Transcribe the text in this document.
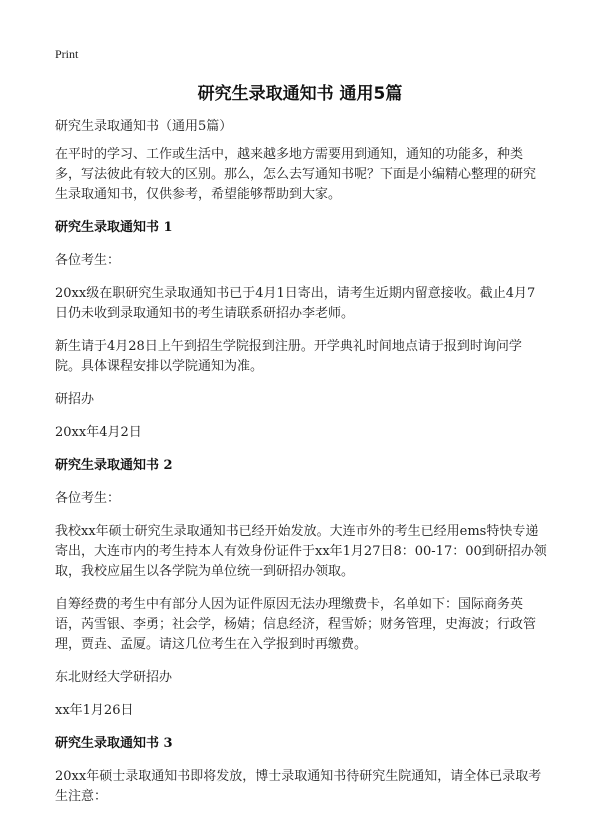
Print
研究生录取通知书 通用5篇

研究生录取通知书（通用5篇）

在平时的学习、工作或生活中，越来越多地方需要用到通知，通知的功能多，种类多，写法彼此有较大的区别。那么，怎么去写通知书呢？下面是小编精心整理的研究生录取通知书，仅供参考，希望能够帮助到大家。

研究生录取通知书 1

各位考生：

20xx级在职研究生录取通知书已于4月1日寄出，请考生近期内留意接收。截止4月7日仍未收到录取通知书的考生请联系研招办李老师。

新生请于4月28日上午到招生学院报到注册。开学典礼时间地点请于报到时询问学院。具体课程安排以学院通知为准。

研招办

20xx年4月2日

研究生录取通知书 2

各位考生：

我校xx年硕士研究生录取通知书已经开始发放。大连市外的考生已经用ems特快专递寄出，大连市内的考生持本人有效身份证件于xx年1月27日8：00-17：00到研招办领取，我校应届生以各学院为单位统一到研招办领取。

自筹经费的考生中有部分人因为证件原因无法办理缴费卡，名单如下：国际商务英语，芮雪银、李勇；社会学，杨婧；信息经济，程雪娇；财务管理，史海波；行政管理，贾垚、孟厦。请这几位考生在入学报到时再缴费。

东北财经大学研招办

xx年1月26日

研究生录取通知书 3

20xx年硕士录取通知书即将发放，博士录取通知书待研究生院通知，请全体已录取考生注意：
